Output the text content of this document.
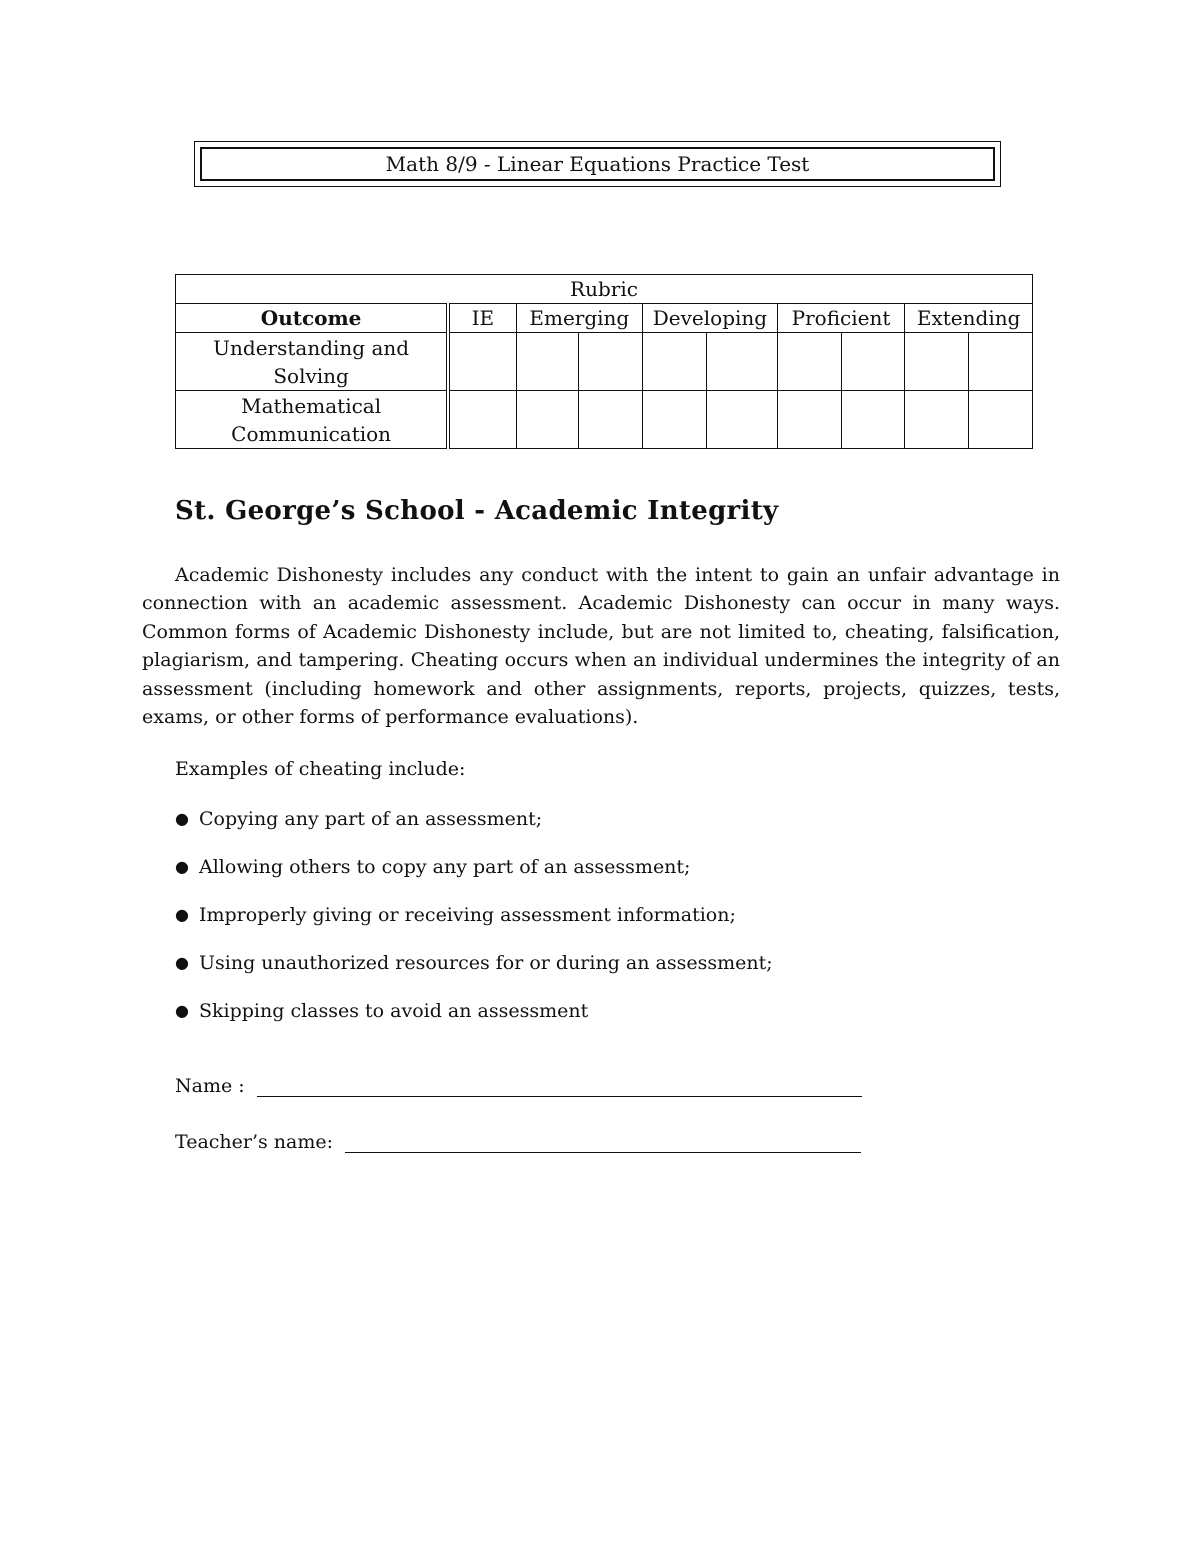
Math 8/9 - Linear Equations Practice Test
Rubric									
Outcome	IE	Emerging		Developing		Proficient		Extending	
Understanding and Solving									
Mathematical Communication									
St. George’s School - Academic Integrity

Academic Dishonesty includes any conduct with the intent to gain an unfair advantage in connection with an academic assessment. Academic Dishonesty can occur in many ways. Common forms of Academic Dishonesty include, but are not limited to, cheating, falsification, plagiarism, and tampering. Cheating occurs when an individual undermines the integrity of an assessment (including homework and other assignments, reports, projects, quizzes, tests, exams, or other forms of performance evaluations).

Examples of cheating include:

● Copying any part of an assessment;
● Allowing others to copy any part of an assessment;
● Improperly giving or receiving assessment information;
● Using unauthorized resources for or during an assessment;
● Skipping classes to avoid an assessment
Name :
Teacher’s name:
